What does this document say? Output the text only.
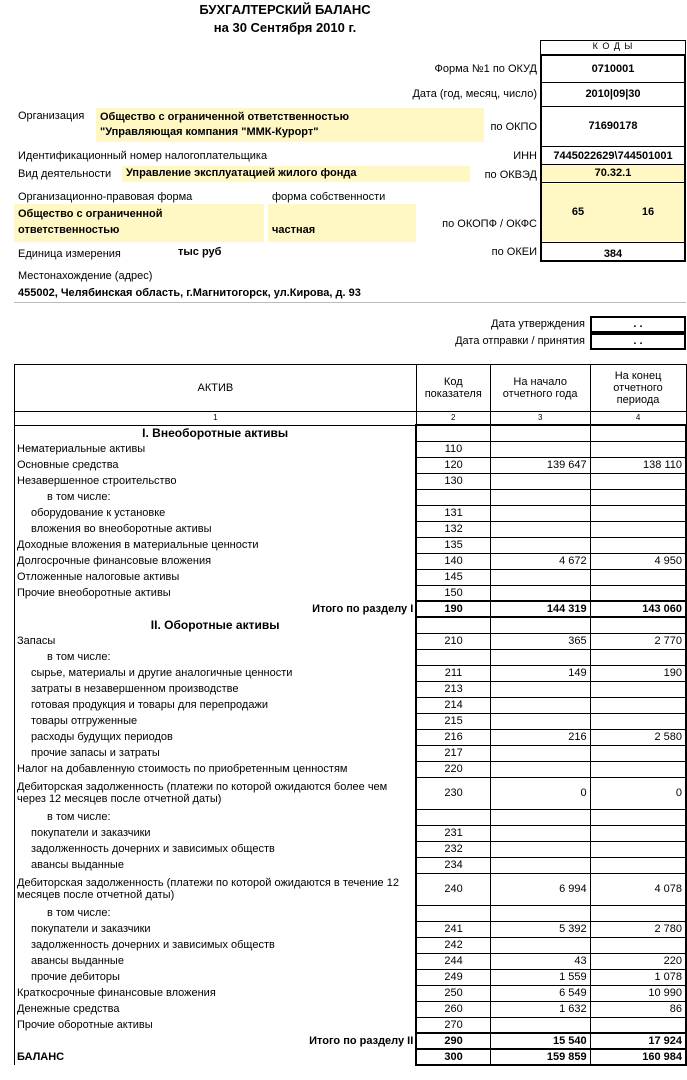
БУХГАЛТЕРСКИЙ БАЛАНС
на 30 Сентября 2010 г.
К О Д Ы
Форма №1 по ОКУД	0710001
Дата (год, месяц, число)	2010|09|30
Организация Общество с ограниченной ответственностью
"Управляющая компания "ММК-Курорт"	по ОКПО	71690178
Идентификационный номер налогоплательщика	ИНН	7445022629\744501001
Вид деятельности Управление эксплуатацией жилого фонда	по ОКВЭД	70.32.1
Организационно-правовая форма	форма собственности
Общество с ограниченной
ответственностью	частная	по ОКОПФ / ОКФС
65	16
Единица измерения	тыс руб	по ОКЕИ	384
Местонахождение (адрес)
455002, Челябинская область, г.Магнитогорск, ул.Кирова, д. 93
Дата утверждения	. .
Дата отправки / принятия	. .
АКТИВ	Код показателя	На начало отчетного года	На конец отчетного периода
1	2	3	4
I. Внеоборотные активы			
Нематериальные активы	110		
Основные средства	120	139 647	138 110
Незавершенное строительство	130		
в том числе:			
оборудование к установке	131		
вложения во внеоборотные активы	132		
Доходные вложения в материальные ценности	135		
Долгосрочные финансовые вложения	140	4 672	4 950
Отложенные налоговые активы	145		
Прочие внеоборотные активы	150		
Итого по разделу I	190	144 319	143 060
II. Оборотные активы			
Запасы	210	365	2 770
в том числе:			
сырье, материалы и другие аналогичные ценности	211	149	190
затраты в незавершенном производстве	213		
готовая продукция и товары для перепродажи	214		
товары отгруженные	215		
расходы будущих периодов	216	216	2 580
прочие запасы и затраты	217		
Налог на добавленную стоимость по приобретенным ценностям	220		
Дебиторская задолженность (платежи по которой ожидаются более чем через 12 месяцев после отчетной даты)	230	0	0
в том числе:			
покупатели и заказчики	231		
задолженность дочерних и зависимых обществ	232		
авансы выданные	234		
Дебиторская задолженность (платежи по которой ожидаются в течение 12 месяцев после отчетной даты)	240	6 994	4 078
в том числе:			
покупатели и заказчики	241	5 392	2 780
задолженность дочерних и зависимых обществ	242		
авансы выданные	244	43	220
прочие дебиторы	249	1 559	1 078
Краткосрочные финансовые вложения	250	6 549	10 990
Денежные средства	260	1 632	86
Прочие оборотные активы	270		
Итого по разделу II	290	15 540	17 924
БАЛАНС	300	159 859	160 984
